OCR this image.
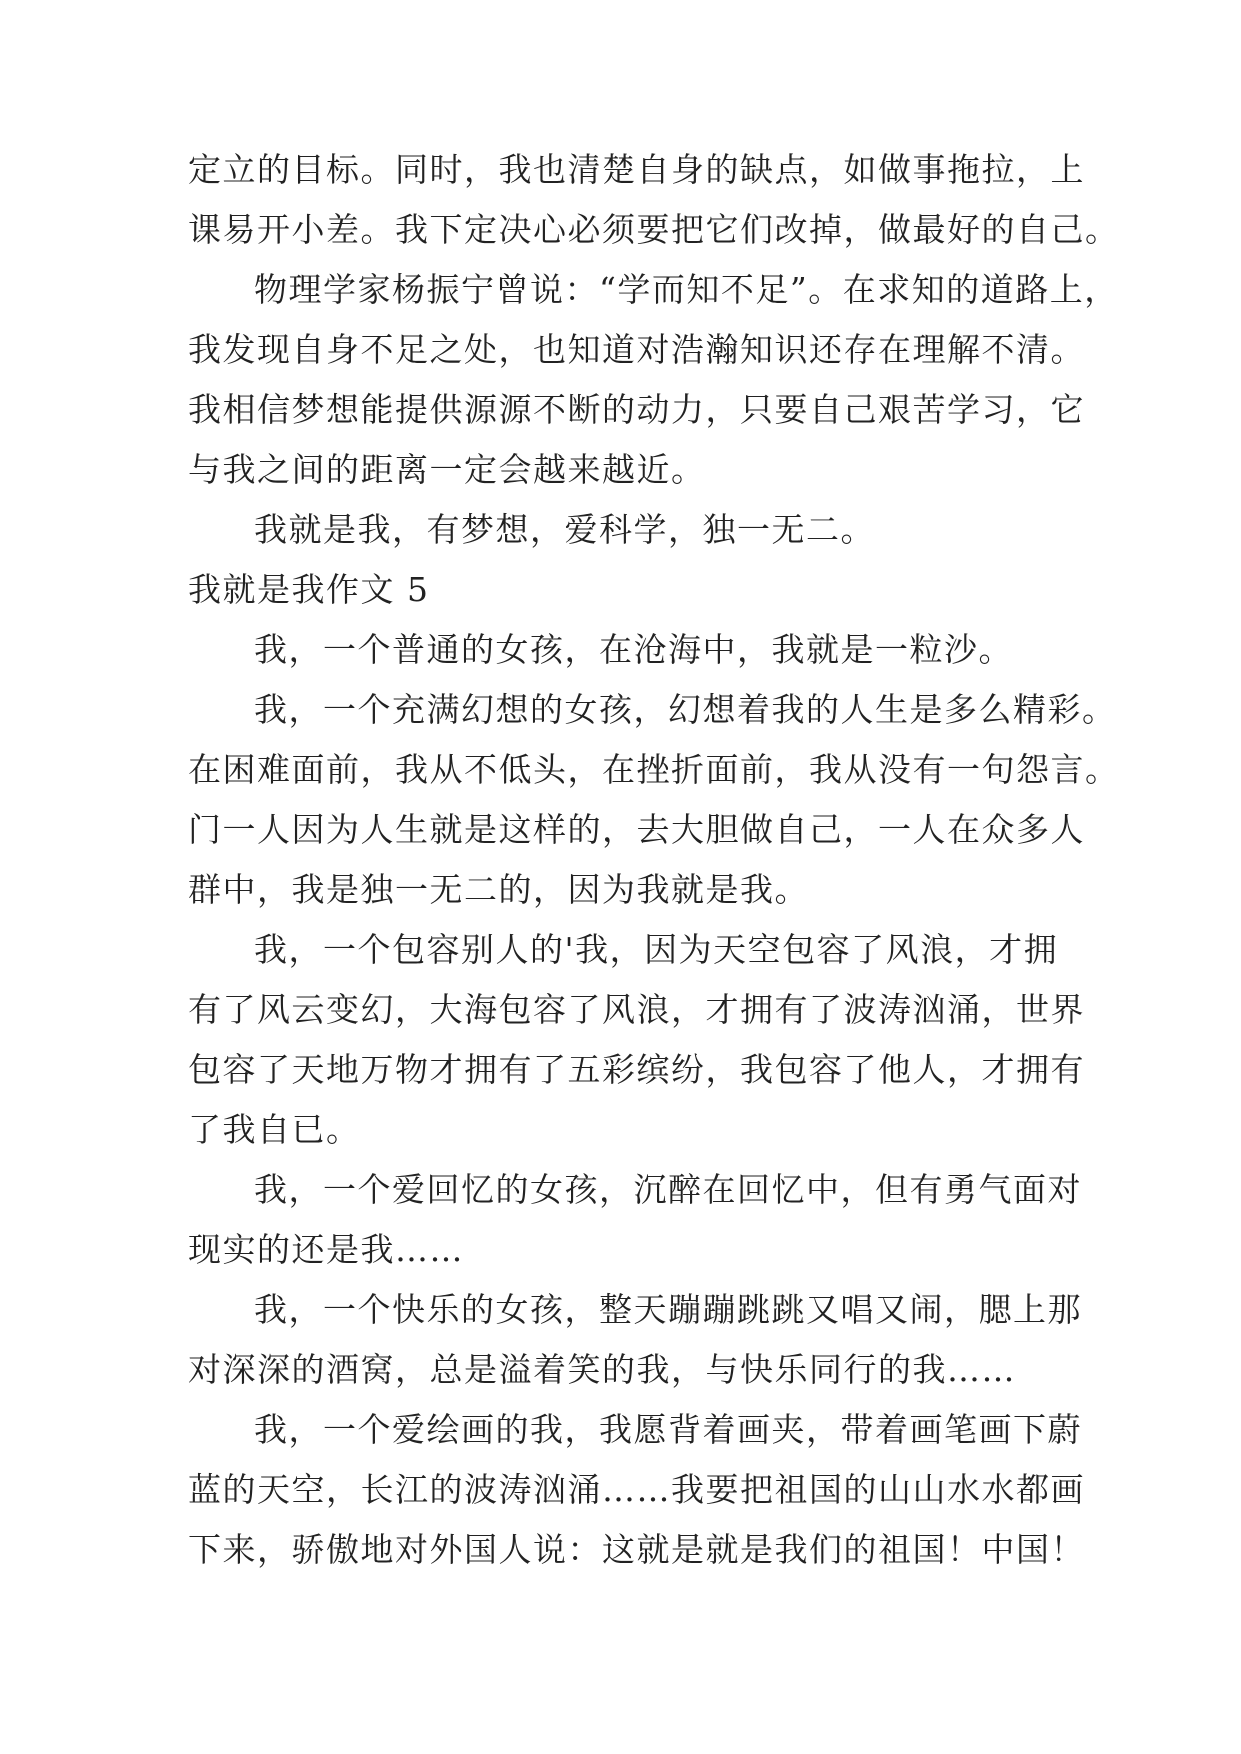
定立的目标。同时，我也清楚自身的缺点，如做事拖拉，上
课易开小差。我下定决心必须要把它们改掉，做最好的自己。
物理学家杨振宁曾说：“学而知不足”。在求知的道路上，
我发现自身不足之处，也知道对浩瀚知识还存在理解不清。
我相信梦想能提供源源不断的动力，只要自己艰苦学习，它
与我之间的距离一定会越来越近。
我就是我，有梦想，爱科学，独一无二。
我就是我作文 5
我，一个普通的女孩，在沧海中，我就是一粒沙。
我，一个充满幻想的女孩，幻想着我的人生是多么精彩。
在困难面前，我从不低头，在挫折面前，我从没有一句怨言。
门一人因为人生就是这样的，去大胆做自己，一人在众多人
群中，我是独一无二的，因为我就是我。
我，一个包容别人的'我，因为天空包容了风浪，才拥
有了风云变幻，大海包容了风浪，才拥有了波涛汹涌，世界
包容了天地万物才拥有了五彩缤纷，我包容了他人，才拥有
了我自已。
我，一个爱回忆的女孩，沉醉在回忆中，但有勇气面对
现实的还是我……
我，一个快乐的女孩，整天蹦蹦跳跳又唱又闹，腮上那
对深深的酒窝，总是溢着笑的我，与快乐同行的我……
我，一个爱绘画的我，我愿背着画夹，带着画笔画下蔚
蓝的天空，长江的波涛汹涌……我要把祖国的山山水水都画
下来，骄傲地对外国人说：这就是就是我们的祖国！中国！
